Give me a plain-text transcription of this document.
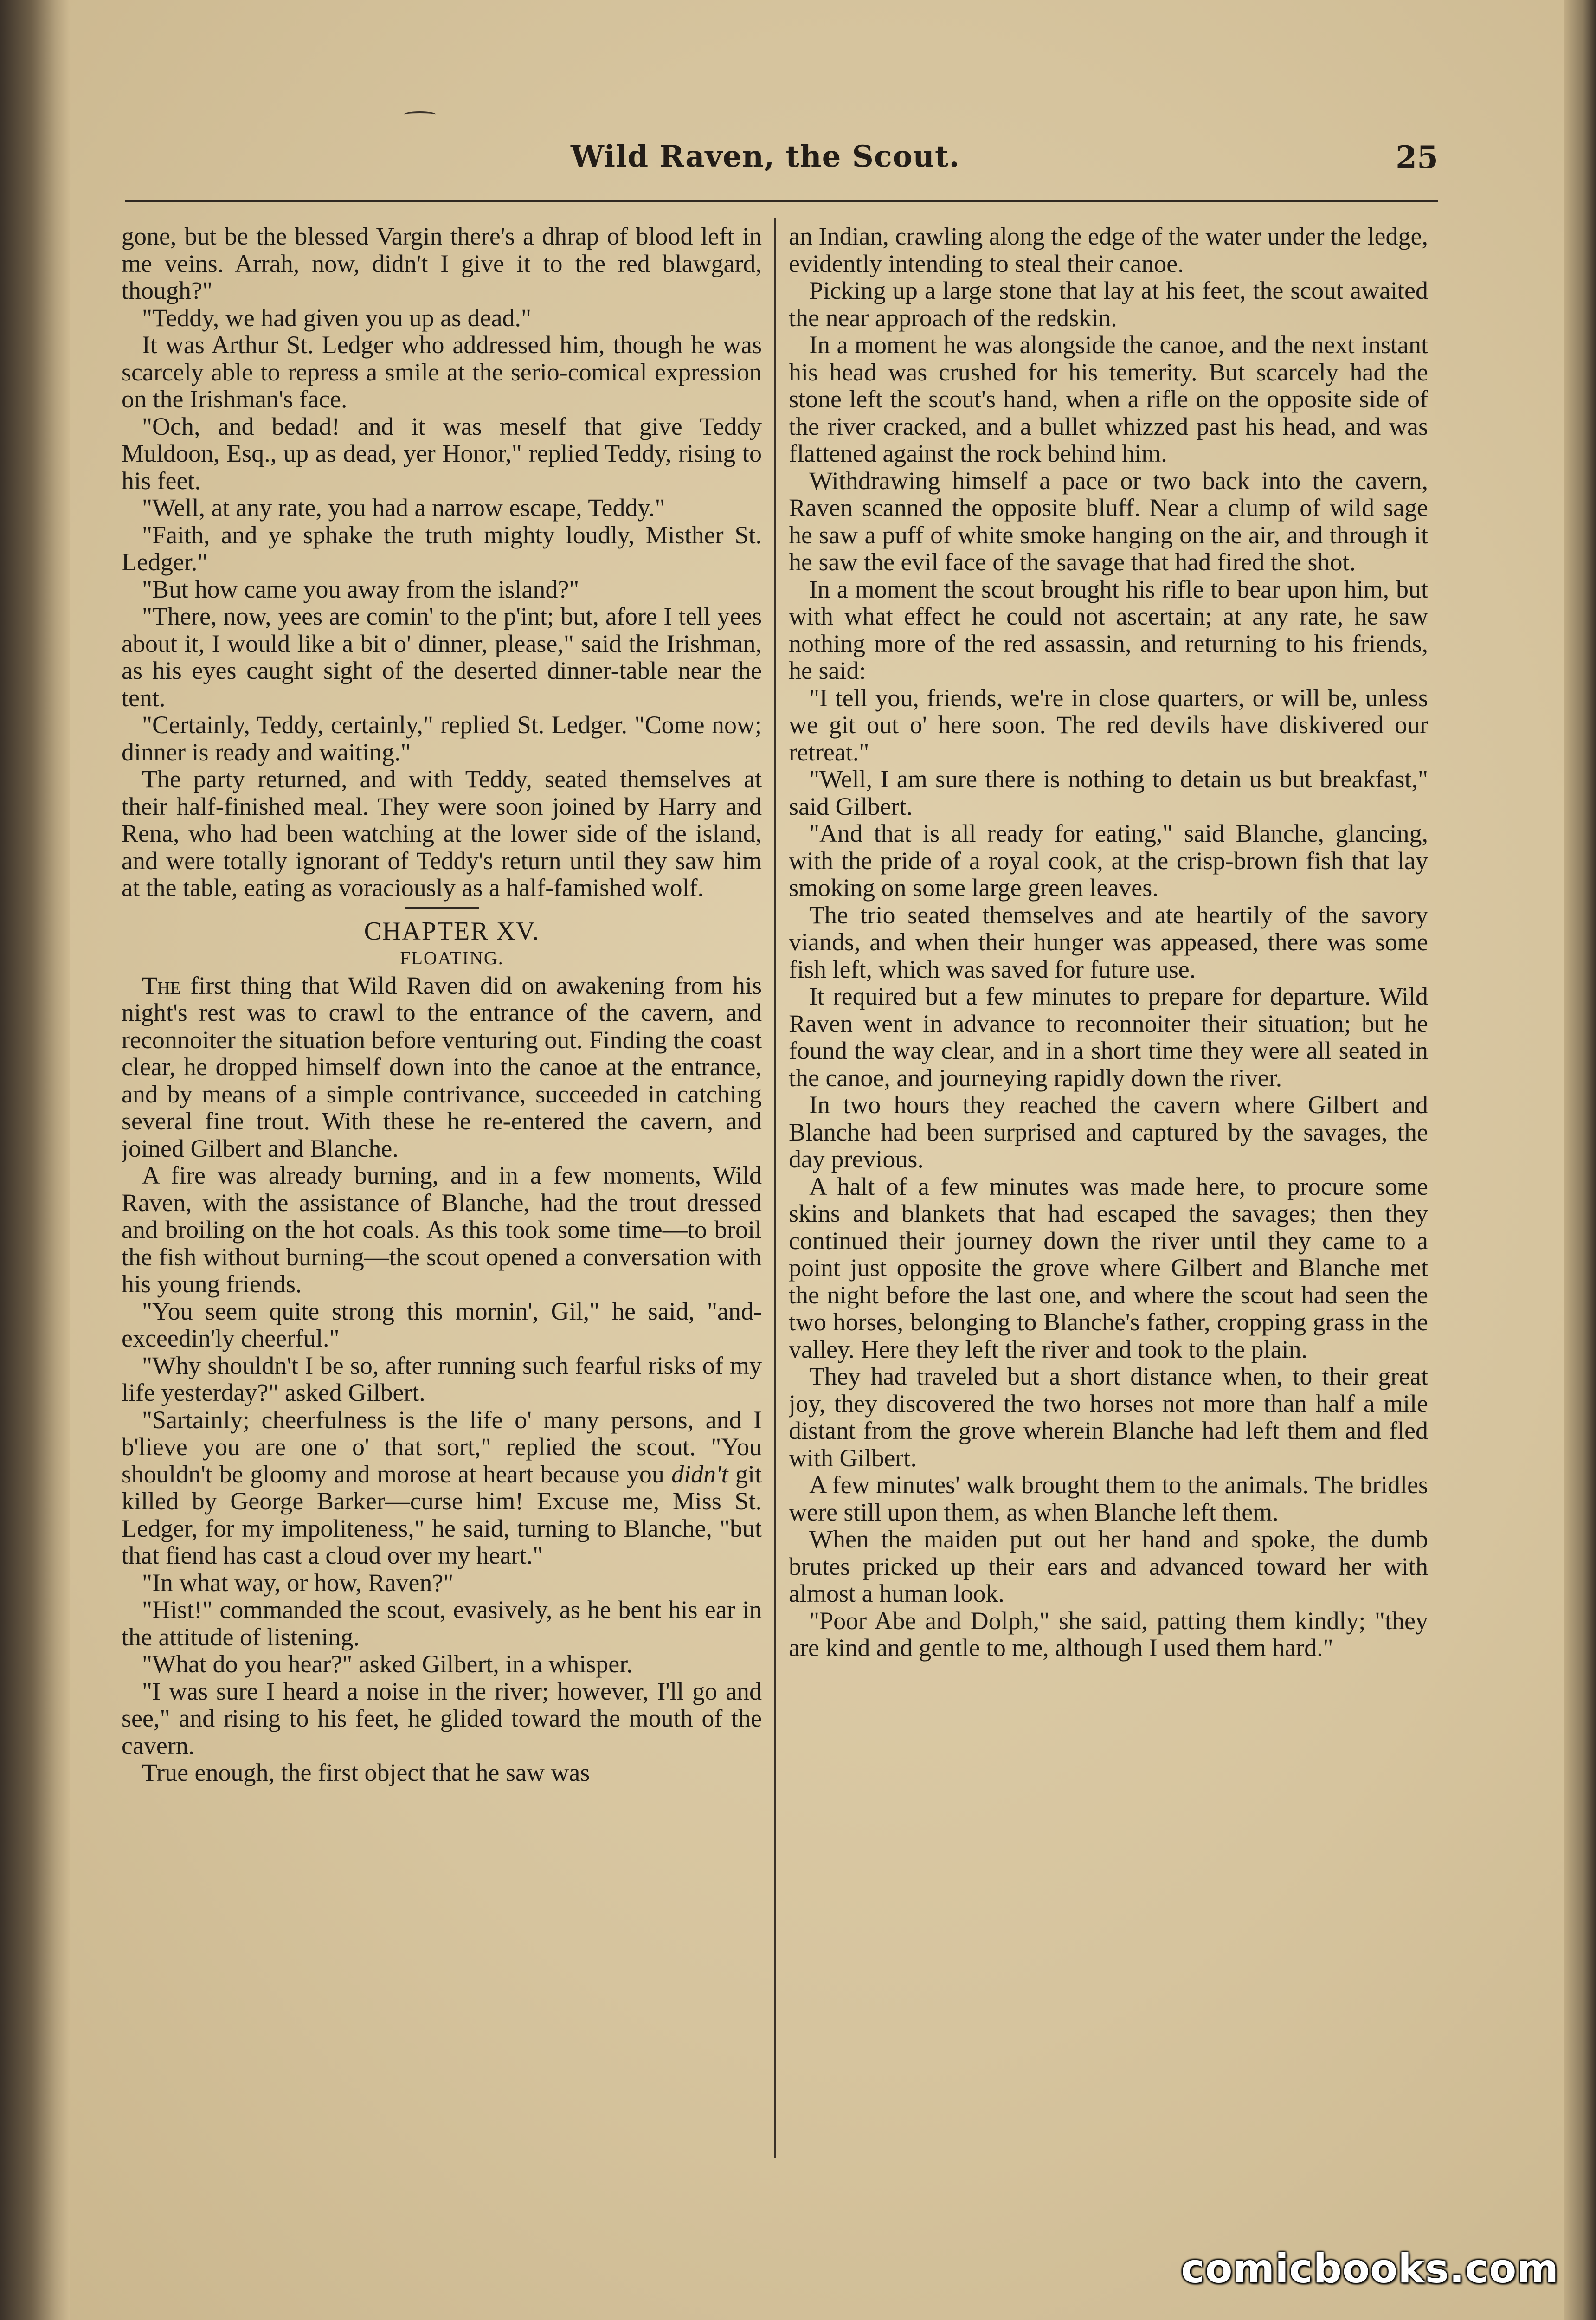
Wild Raven, the Scout.	25

gone, but be the blessed Vargin there's a dhrap of blood left in me veins. Arrah, now, didn't I give it to the red blawgard, though?"

"Teddy, we had given you up as dead."

It was Arthur St. Ledger who addressed him, though he was scarcely able to repress a smile at the serio-comical expression on the Irishman's face.

"Och, and bedad! and it was meself that give Teddy Muldoon, Esq., up as dead, yer Honor," replied Teddy, rising to his feet.

"Well, at any rate, you had a narrow escape, Teddy."

"Faith, and ye sphake the truth mighty loudly, Misther St. Ledger."

"But how came you away from the island?"

"There, now, yees are comin' to the p'int; but, afore I tell yees about it, I would like a bit o' dinner, please," said the Irishman, as his eyes caught sight of the deserted dinner-table near the tent.

"Certainly, Teddy, certainly," replied St. Ledger. "Come now; dinner is ready and waiting."

The party returned, and with Teddy, seated themselves at their half-finished meal. They were soon joined by Harry and Rena, who had been watching at the lower side of the island, and were totally ignorant of Teddy's return until they saw him at the table, eating as voraciously as a half-famished wolf.

CHAPTER XV.

FLOATING.

The first thing that Wild Raven did on awakening from his night's rest was to crawl to the entrance of the cavern, and reconnoiter the situation before venturing out. Finding the coast clear, he dropped himself down into the canoe at the entrance, and by means of a simple contrivance, succeeded in catching several fine trout. With these he re-entered the cavern, and joined Gilbert and Blanche.

A fire was already burning, and in a few moments, Wild Raven, with the assistance of Blanche, had the trout dressed and broiling on the hot coals. As this took some time—to broil the fish without burning—the scout opened a conversation with his young friends.

"You seem quite strong this mornin', Gil," he said, "and-exceedin'ly cheerful."

"Why shouldn't I be so, after running such fearful risks of my life yesterday?" asked Gilbert.

"Sartainly; cheerfulness is the life o' many persons, and I b'lieve you are one o' that sort," replied the scout. "You shouldn't be gloomy and morose at heart because you didn't git killed by George Barker—curse him! Excuse me, Miss St. Ledger, for my impoliteness," he said, turning to Blanche, "but that fiend has cast a cloud over my heart."

"In what way, or how, Raven?"

"Hist!" commanded the scout, evasively, as he bent his ear in the attitude of listening.

"What do you hear?" asked Gilbert, in a whisper.

"I was sure I heard a noise in the river; however, I'll go and see," and rising to his feet, he glided toward the mouth of the cavern.

True enough, the first object that he saw was

an Indian, crawling along the edge of the water under the ledge, evidently intending to steal their canoe.

Picking up a large stone that lay at his feet, the scout awaited the near approach of the redskin.

In a moment he was alongside the canoe, and the next instant his head was crushed for his temerity. But scarcely had the stone left the scout's hand, when a rifle on the opposite side of the river cracked, and a bullet whizzed past his head, and was flattened against the rock behind him.

Withdrawing himself a pace or two back into the cavern, Raven scanned the opposite bluff. Near a clump of wild sage he saw a puff of white smoke hanging on the air, and through it he saw the evil face of the savage that had fired the shot.

In a moment the scout brought his rifle to bear upon him, but with what effect he could not ascertain; at any rate, he saw nothing more of the red assassin, and returning to his friends, he said:

"I tell you, friends, we're in close quarters, or will be, unless we git out o' here soon. The red devils have diskivered our retreat."

"Well, I am sure there is nothing to detain us but breakfast," said Gilbert.

"And that is all ready for eating," said Blanche, glancing, with the pride of a royal cook, at the crisp-brown fish that lay smoking on some large green leaves.

The trio seated themselves and ate heartily of the savory viands, and when their hunger was appeased, there was some fish left, which was saved for future use.

It required but a few minutes to prepare for departure. Wild Raven went in advance to reconnoiter their situation; but he found the way clear, and in a short time they were all seated in the canoe, and journeying rapidly down the river.

In two hours they reached the cavern where Gilbert and Blanche had been surprised and captured by the savages, the day previous.

A halt of a few minutes was made here, to procure some skins and blankets that had escaped the savages; then they continued their journey down the river until they came to a point just opposite the grove where Gilbert and Blanche met the night before the last one, and where the scout had seen the two horses, belonging to Blanche's father, cropping grass in the valley. Here they left the river and took to the plain.

They had traveled but a short distance when, to their great joy, they discovered the two horses not more than half a mile distant from the grove wherein Blanche had left them and fled with Gilbert.

A few minutes' walk brought them to the animals. The bridles were still upon them, as when Blanche left them.

When the maiden put out her hand and spoke, the dumb brutes pricked up their ears and advanced toward her with almost a human look.

"Poor Abe and Dolph," she said, patting them kindly; "they are kind and gentle to me, although I used them hard."

comicbooks.com
